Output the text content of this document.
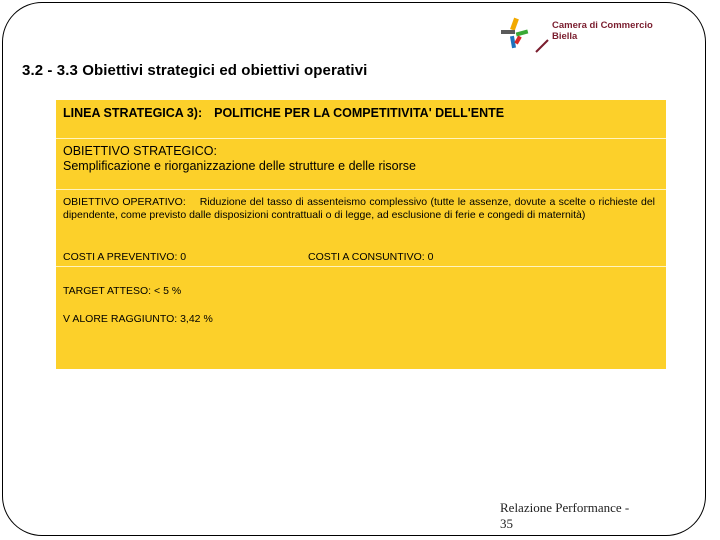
Camera di Commercio
Biella
3.2 - 3.3 Obiettivi strategici ed obiettivi operativi
LINEA STRATEGICA 3): POLITICHE PER LA COMPETITIVITA' DELL'ENTE
OBIETTIVO STRATEGICO:
Semplificazione e riorganizzazione delle strutture e delle risorse
OBIETTIVO OPERATIVO: Riduzione del tasso di assenteismo complessivo (tutte le assenze, dovute a scelte o richieste del dipendente, come previsto dalle disposizioni contrattuali o di legge, ad esclusione di ferie e congedi di maternità)
COSTI A PREVENTIVO: 0	COSTI A CONSUNTIVO: 0
TARGET ATTESO: < 5 %
V ALORE RAGGIUNTO: 3,42 %
Relazione Performance -
35
